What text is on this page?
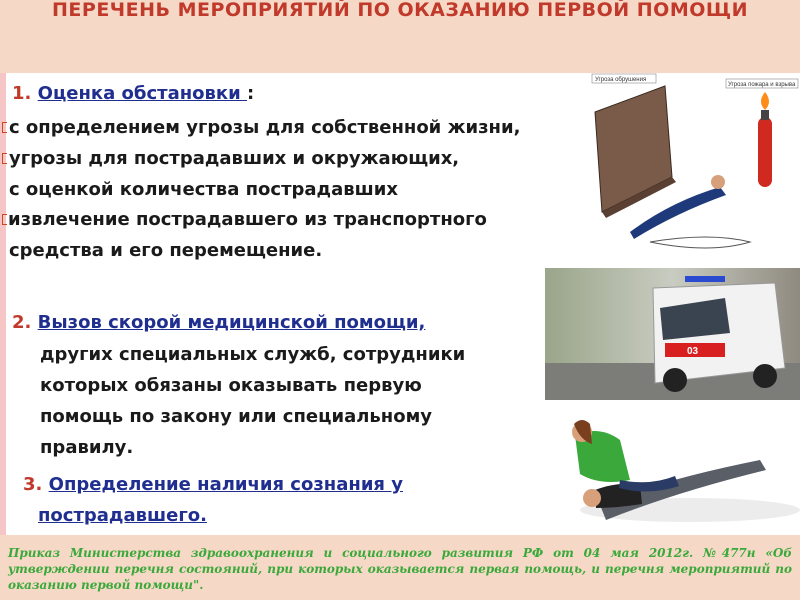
ПЕРЕЧЕНЬ МЕРОПРИЯТИЙ ПО ОКАЗАНИЮ ПЕРВОЙ ПОМОЩИ
1. Оценка обстановки :
с определением угрозы для собственной жизни,
угрозы для пострадавших и окружающих,
с оценкой количества пострадавших
извлечение пострадавшего из транспортного
средства и его перемещение.
2. Вызов скорой медицинской помощи,
других специальных служб, сотрудники
которых обязаны оказывать первую
помощь по закону или специальному
правилу.
3. Определение наличия сознания у
пострадавшего.
Угроза обрушения
Угроза пожара и взрыва
03
Приказ Министерства здравоохранения и социального развития РФ от 04 мая 2012г. №477н «Об утверждении перечня состояний, при которых оказывается первая помощь, и перечня мероприятий по оказанию первой помощи".
